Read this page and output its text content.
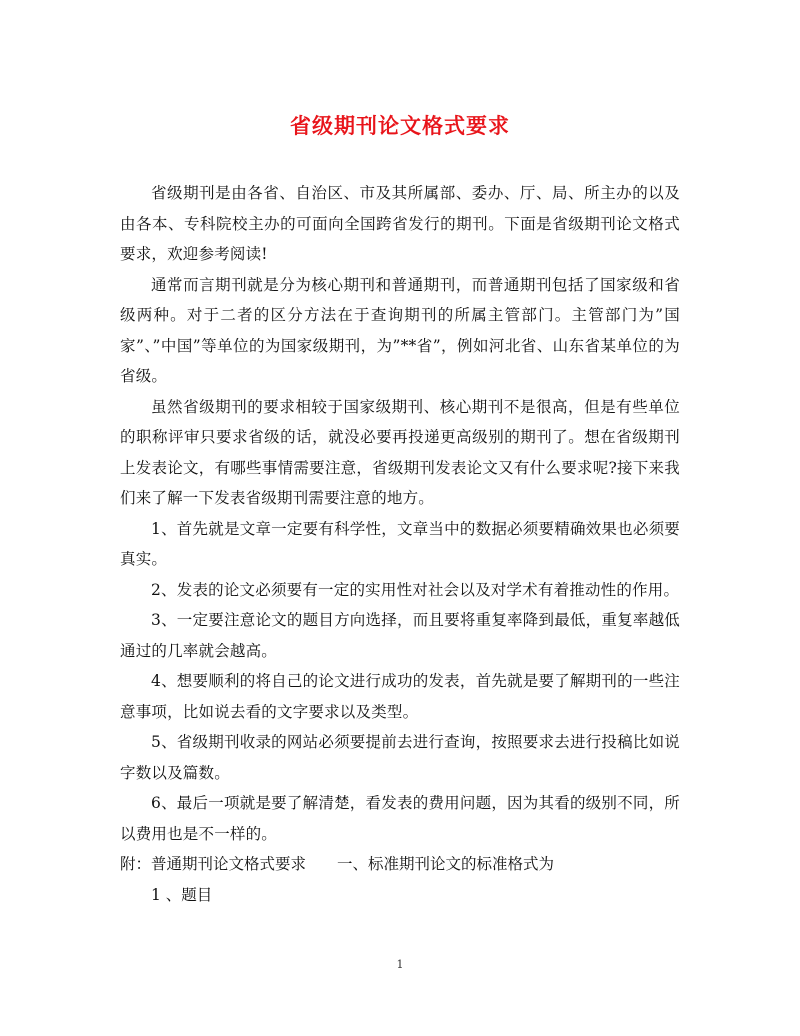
省级期刊论文格式要求

省级期刊是由各省、自治区、市及其所属部、委办、厅、局、所主办的以及由各本、专科院校主办的可面向全国跨省发行的期刊。下面是省级期刊论文格式要求，欢迎参考阅读!

通常而言期刊就是分为核心期刊和普通期刊，而普通期刊包括了国家级和省级两种。对于二者的区分方法在于查询期刊的所属主管部门。主管部门为”国家”、”中国”等单位的为国家级期刊，为”**省”，例如河北省、山东省某单位的为省级。

虽然省级期刊的要求相较于国家级期刊、核心期刊不是很高，但是有些单位的职称评审只要求省级的话，就没必要再投递更高级别的期刊了。想在省级期刊上发表论文，有哪些事情需要注意，省级期刊发表论文又有什么要求呢?接下来我们来了解一下发表省级期刊需要注意的地方。

1、首先就是文章一定要有科学性，文章当中的数据必须要精确效果也必须要真实。

2、发表的论文必须要有一定的实用性对社会以及对学术有着推动性的作用。

3、一定要注意论文的题目方向选择，而且要将重复率降到最低，重复率越低通过的几率就会越高。

4、想要顺利的将自己的论文进行成功的发表，首先就是要了解期刊的一些注意事项，比如说去看的文字要求以及类型。

5、省级期刊收录的网站必须要提前去进行查询，按照要求去进行投稿比如说字数以及篇数。

6、最后一项就是要了解清楚，看发表的费用问题，因为其看的级别不同，所以费用也是不一样的。

附：普通期刊论文格式要求　　一、标准期刊论文的标准格式为

1 、题目

1
